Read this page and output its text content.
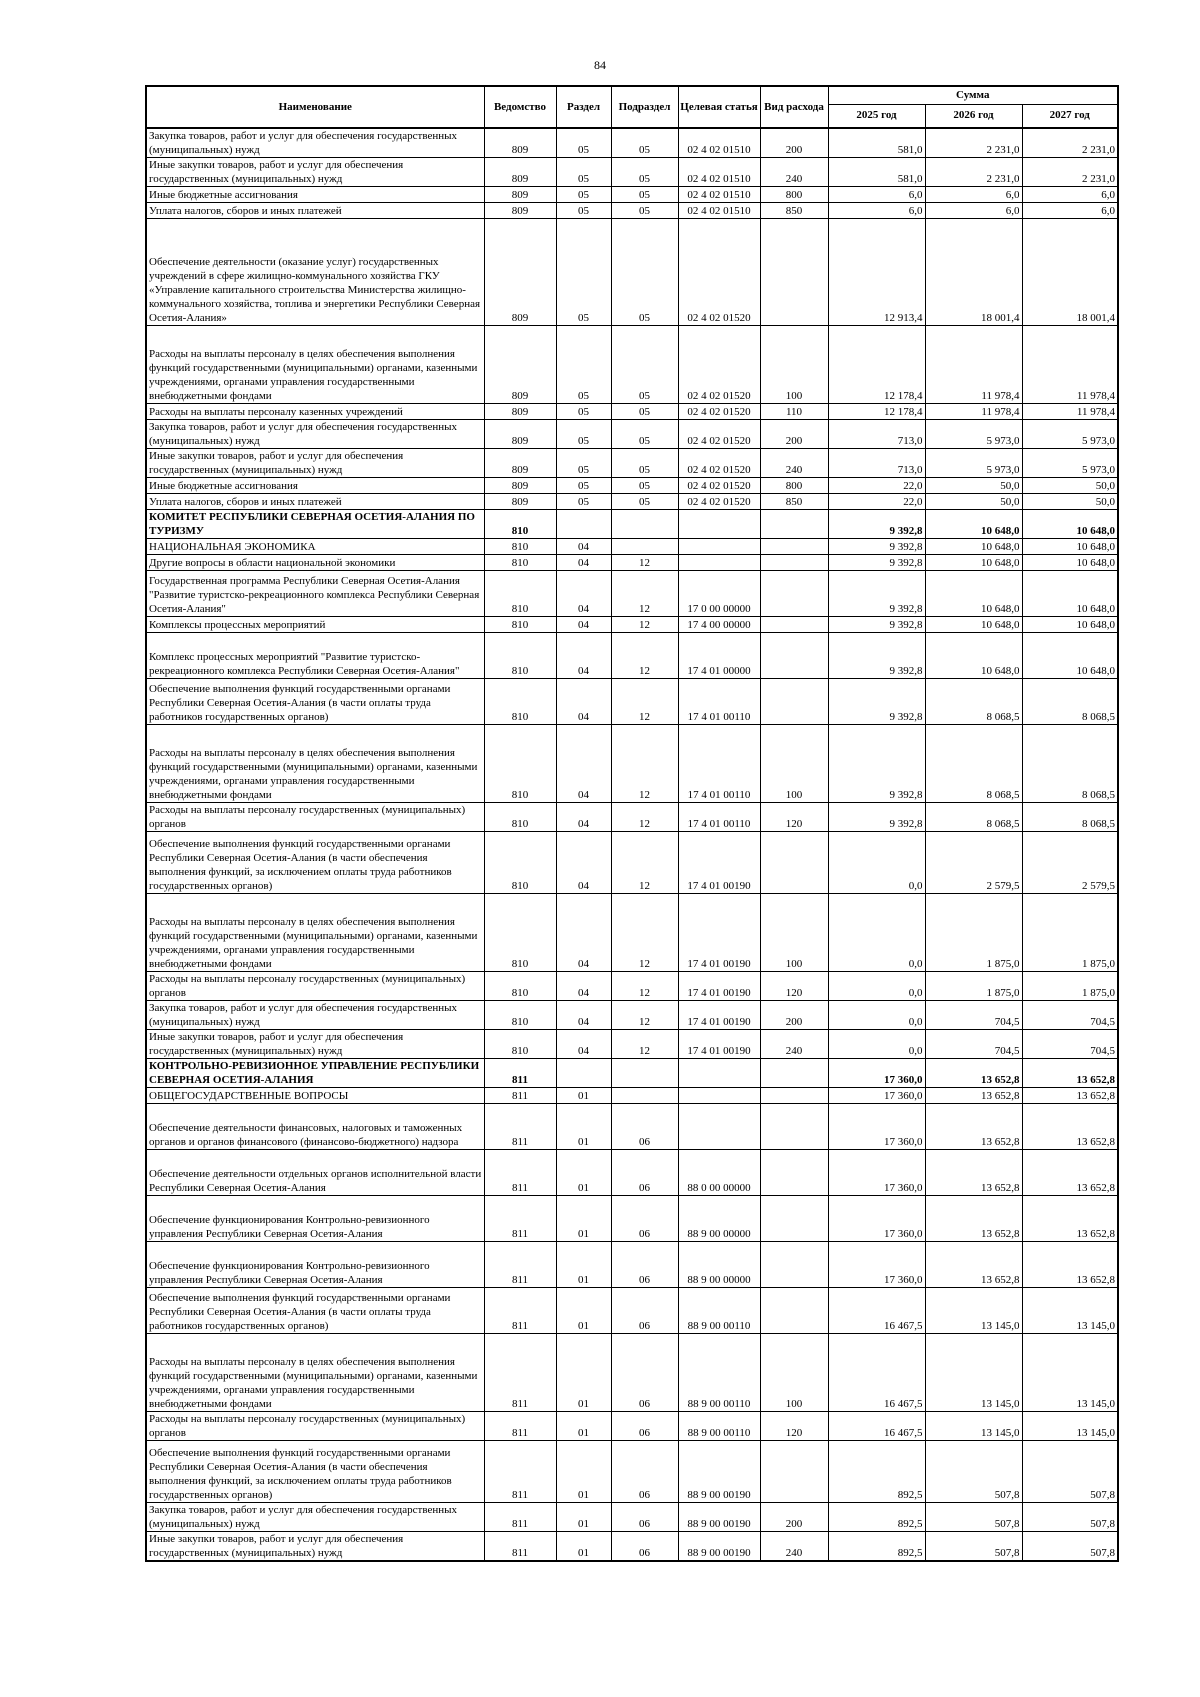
84
Наименование	Ведомство	Раздел	Подраздел	Целевая статья	Вид расхода	Сумма		
						2025 год	2026 год	2027 год
Закупка товаров, работ и услуг для обеспечения государственных (муниципальных) нужд	809	05	05	02 4 02 01510	200	581,0	2 231,0	2 231,0
Иные закупки товаров, работ и услуг для обеспечения государственных (муниципальных) нужд	809	05	05	02 4 02 01510	240	581,0	2 231,0	2 231,0
Иные бюджетные ассигнования	809	05	05	02 4 02 01510	800	6,0	6,0	6,0
Уплата налогов, сборов и иных платежей	809	05	05	02 4 02 01510	850	6,0	6,0	6,0
Обеспечение деятельности (оказание услуг) государственных учреждений в сфере жилищно-коммунального хозяйства ГКУ «Управление капитального строительства Министерства жилищно-коммунального хозяйства, топлива и энергетики Республики Северная Осетия-Алания»	809	05	05	02 4 02 01520		12 913,4	18 001,4	18 001,4
Расходы на выплаты персоналу в целях обеспечения выполнения функций государственными (муниципальными) органами, казенными учреждениями, органами управления государственными внебюджетными фондами	809	05	05	02 4 02 01520	100	12 178,4	11 978,4	11 978,4
Расходы на выплаты персоналу казенных учреждений	809	05	05	02 4 02 01520	110	12 178,4	11 978,4	11 978,4
Закупка товаров, работ и услуг для обеспечения государственных (муниципальных) нужд	809	05	05	02 4 02 01520	200	713,0	5 973,0	5 973,0
Иные закупки товаров, работ и услуг для обеспечения государственных (муниципальных) нужд	809	05	05	02 4 02 01520	240	713,0	5 973,0	5 973,0
Иные бюджетные ассигнования	809	05	05	02 4 02 01520	800	22,0	50,0	50,0
Уплата налогов, сборов и иных платежей	809	05	05	02 4 02 01520	850	22,0	50,0	50,0
КОМИТЕТ РЕСПУБЛИКИ СЕВЕРНАЯ ОСЕТИЯ-АЛАНИЯ ПО ТУРИЗМУ	810					9 392,8	10 648,0	10 648,0
НАЦИОНАЛЬНАЯ ЭКОНОМИКА	810	04				9 392,8	10 648,0	10 648,0
Другие вопросы в области национальной экономики	810	04	12			9 392,8	10 648,0	10 648,0
Государственная программа Республики Северная Осетия-Алания "Развитие туристско-рекреационного комплекса Республики Северная Осетия-Алания"	810	04	12	17 0 00 00000		9 392,8	10 648,0	10 648,0
Комплексы процессных мероприятий	810	04	12	17 4 00 00000		9 392,8	10 648,0	10 648,0
Комплекс процессных мероприятий "Развитие туристско-рекреационного комплекса Республики Северная Осетия-Алания"	810	04	12	17 4 01 00000		9 392,8	10 648,0	10 648,0
Обеспечение выполнения функций государственными органами Республики Северная Осетия-Алания (в части оплаты труда работников государственных органов)	810	04	12	17 4 01 00110		9 392,8	8 068,5	8 068,5
Расходы на выплаты персоналу в целях обеспечения выполнения функций государственными (муниципальными) органами, казенными учреждениями, органами управления государственными внебюджетными фондами	810	04	12	17 4 01 00110	100	9 392,8	8 068,5	8 068,5
Расходы на выплаты персоналу государственных (муниципальных) органов	810	04	12	17 4 01 00110	120	9 392,8	8 068,5	8 068,5
Обеспечение выполнения функций государственными органами Республики Северная Осетия-Алания (в части обеспечения выполнения функций, за исключением оплаты труда работников государственных органов)	810	04	12	17 4 01 00190		0,0	2 579,5	2 579,5
Расходы на выплаты персоналу в целях обеспечения выполнения функций государственными (муниципальными) органами, казенными учреждениями, органами управления государственными внебюджетными фондами	810	04	12	17 4 01 00190	100	0,0	1 875,0	1 875,0
Расходы на выплаты персоналу государственных (муниципальных) органов	810	04	12	17 4 01 00190	120	0,0	1 875,0	1 875,0
Закупка товаров, работ и услуг для обеспечения государственных (муниципальных) нужд	810	04	12	17 4 01 00190	200	0,0	704,5	704,5
Иные закупки товаров, работ и услуг для обеспечения государственных (муниципальных) нужд	810	04	12	17 4 01 00190	240	0,0	704,5	704,5
КОНТРОЛЬНО-РЕВИЗИОННОЕ УПРАВЛЕНИЕ РЕСПУБЛИКИ СЕВЕРНАЯ ОСЕТИЯ-АЛАНИЯ	811					17 360,0	13 652,8	13 652,8
ОБЩЕГОСУДАРСТВЕННЫЕ ВОПРОСЫ	811	01				17 360,0	13 652,8	13 652,8
Обеспечение деятельности финансовых, налоговых и таможенных органов и органов финансового (финансово-бюджетного) надзора	811	01	06			17 360,0	13 652,8	13 652,8
Обеспечение деятельности отдельных органов исполнительной власти Республики Северная Осетия-Алания	811	01	06	88 0 00 00000		17 360,0	13 652,8	13 652,8
Обеспечение функционирования Контрольно-ревизионного управления Республики Северная Осетия-Алания	811	01	06	88 9 00 00000		17 360,0	13 652,8	13 652,8
Обеспечение функционирования Контрольно-ревизионного управления Республики Северная Осетия-Алания	811	01	06	88 9 00 00000		17 360,0	13 652,8	13 652,8
Обеспечение выполнения функций государственными органами Республики Северная Осетия-Алания (в части оплаты труда работников государственных органов)	811	01	06	88 9 00 00110		16 467,5	13 145,0	13 145,0
Расходы на выплаты персоналу в целях обеспечения выполнения функций государственными (муниципальными) органами, казенными учреждениями, органами управления государственными внебюджетными фондами	811	01	06	88 9 00 00110	100	16 467,5	13 145,0	13 145,0
Расходы на выплаты персоналу государственных (муниципальных) органов	811	01	06	88 9 00 00110	120	16 467,5	13 145,0	13 145,0
Обеспечение выполнения функций государственными органами Республики Северная Осетия-Алания (в части обеспечения выполнения функций, за исключением оплаты труда работников государственных органов)	811	01	06	88 9 00 00190		892,5	507,8	507,8
Закупка товаров, работ и услуг для обеспечения государственных (муниципальных) нужд	811	01	06	88 9 00 00190	200	892,5	507,8	507,8
Иные закупки товаров, работ и услуг для обеспечения государственных (муниципальных) нужд	811	01	06	88 9 00 00190	240	892,5	507,8	507,8
